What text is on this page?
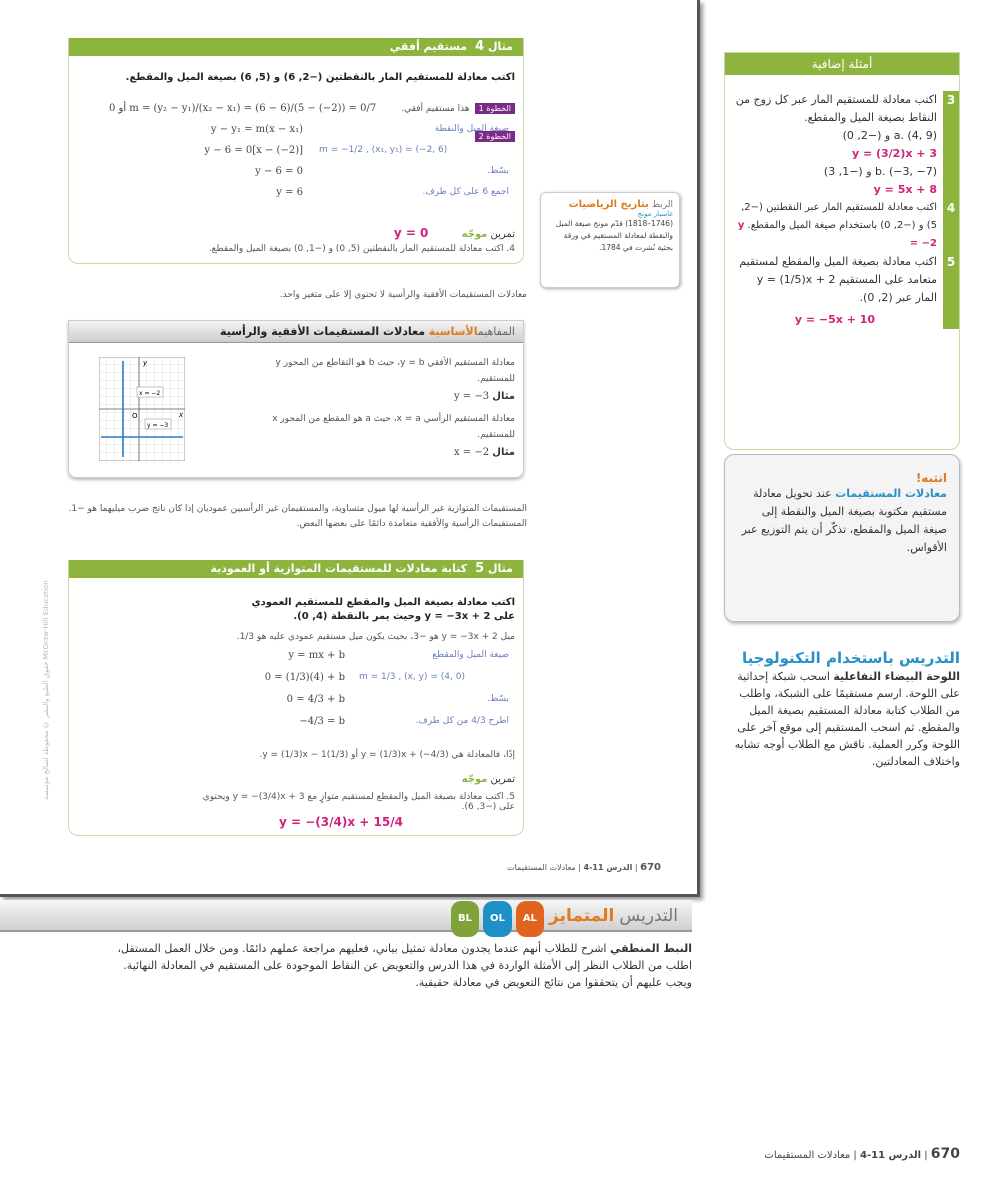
مثال 4مستقيم أفقي
اكتب معادلة للمستقيم المار بالنقطتين (−2, 6) و (5, 6) بصيغة الميل والمقطع.
الخطوة 1 هذا مستقيم أفقي. m = (y₂ − y₁)/(x₂ − x₁) = (6 − 6)/(5 − (−2)) = 0/7 أو 0
الخطوة 2
y − y₁ = m(x − x₁)	صيغة الميل والنقطة
y − 6 = 0[x − (−2)]	m = −1/2 , (x₁, y₁) = (−2, 6)
y − 6 = 0	بسّط.
y = 6	اجمع 6 على كل طرف.
تمرين موجّه y = 0
4. اكتب معادلة للمستقيم المار بالنقطتين (5, 0) و (−1, 0) بصيغة الميل والمقطع.
الربط بتاريخ الرياضيات
غاسبار مونج
(1746–1818) قدّم مونج صيغة الميل والنقطة لمعادلة المستقيم في ورقة بحثية نُشرت في 1784.
معادلات المستقيمات الأفقية والرأسية لا تحتوي إلا على متغير واحد.
المفاهيمالأساسية معادلات المستقيمات الأفقية والرأسية
معادلة المستقيم الأفقي y = b، حيث b هو التقاطع من المحور y للمستقيم.
مثال y = −3
معادلة المستقيم الرأسي x = a، حيث a هو المقطع من المحور x للمستقيم.
مثال x = −2
y
x
O
x = −2
y = −3
المستقيمات المتوازية غير الرأسية لها ميول متساوية، والمستقيمان غير الرأسيين عموديان إذا كان ناتج ضرب ميليهما هو −1. المستقيمات الرأسية والأفقية متعامدة دائمًا على بعضها البعض.
مثال 5كتابة معادلات للمستقيمات المتوازية أو العمودية
اكتب معادلة بصيغة الميل والمقطع للمستقيم العمودي على y = −3x + 2 وحيث يمر بالنقطة (4, 0).
ميل y = −3x + 2 هو −3، بحيث يكون ميل مستقيم عمودي عليه هو 1/3.
y = mx + b	صيغة الميل والمقطع
0 = (1/3)(4) + b	m = 1/3 , (x, y) = (4, 0)
0 = 4/3 + b	بسّط.
−4/3 = b	اطرح 4/3 من كل طرف.
إذًا، فالمعادلة هي y = (1/3)x + (−4/3) أو y = (1/3)x − 1(1/3).
تمرين موجّه
5. اكتب معادلة بصيغة الميل والمقطع لمستقيم متوازٍ مع y = −(3/4)x + 3 ويحتوي على (−3, 6).
y = −(3/4)x + 15/4
حقوق الطبع والنشر © محفوظة لصالح مؤسسة McGraw-Hill Education
670 | الدرس 11-4 | معادلات المستقيمات
أمثلة إضافية
3
اكتب معادلة للمستقيم المار عبر كل زوج من النقاط بصيغة الميل والمقطع.
a. (4, 9) و (−2, 0)
y = (3/2)x + 3
b. (−3, −7) و (−1, 3)
y = 5x + 8
4
اكتب معادلة للمستقيم المار عبر النقطتين (−2, 5) و (−2, 0) باستخدام صيغة الميل والمقطع. y = −2
5
اكتب معادلة بصيغة الميل والمقطع لمستقيم متعامد على المستقيم y = (1/5)x + 2 المار عبر (2, 0).
y = −5x + 10
انتبه!
معادلات المستقيمات عند تحويل معادلة مستقيم مكتوبة بصيغة الميل والنقطة إلى صيغة الميل والمقطع، تذكّر أن يتم التوزيع عبر الأقواس.
التدريس باستخدام التكنولوجيا
اللوحة البيضاء التفاعلية اسحب شبكة إحداثية على اللوحة. ارسم مستقيمًا على الشبكة، واطلب من الطلاب كتابة معادلة المستقيم بصيغة الميل والمقطع. ثم اسحب المستقيم إلى موقع آخر على اللوحة وكرر العملية. ناقش مع الطلاب أوجه تشابه واختلاف المعادلتين.
التدريس المتمايز ALOLBL
النبط المنطقي اشرح للطلاب أنهم عندما يجدون معادلة تمثيل بياني، فعليهم مراجعة عملهم دائمًا. ومن خلال العمل المستقل، اطلب من الطلاب النظر إلى الأمثلة الواردة في هذا الدرس والتعويض عن النقاط الموجودة على المستقيم في المعادلة النهائية. ويجب عليهم أن يتحققوا من نتائج التعويض في معادلة حقيقية.
670 | الدرس 11-4 | معادلات المستقيمات
